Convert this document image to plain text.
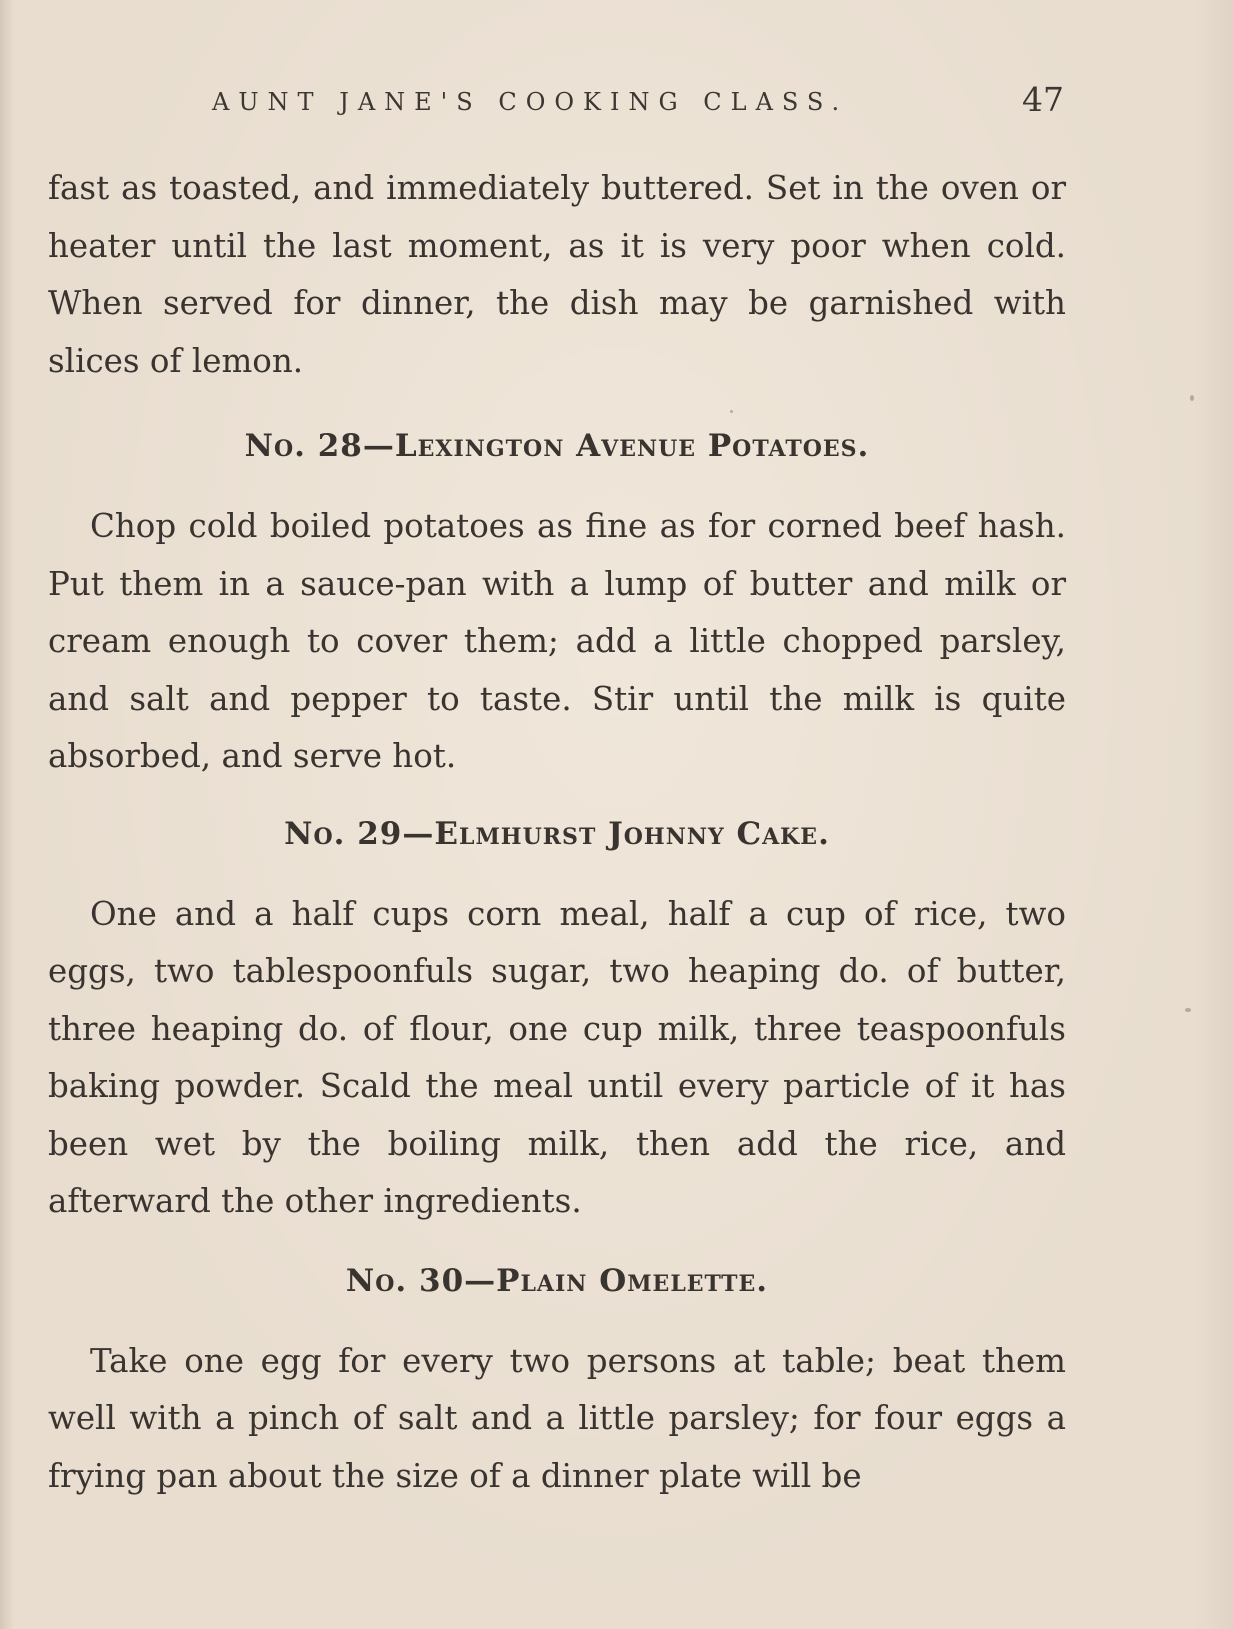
AUNT JANE'S COOKING CLASS.	47

fast as toasted, and immediately buttered. Set in the oven or heater until the last moment, as it is very poor when cold. When served for dinner, the dish may be garnished with slices of lemon.

No. 28—Lexington Avenue Potatoes.

Chop cold boiled potatoes as fine as for corned beef hash. Put them in a sauce-pan with a lump of butter and milk or cream enough to cover them; add a little chopped parsley, and salt and pepper to taste. Stir until the milk is quite absorbed, and serve hot.

No. 29—Elmhurst Johnny Cake.

One and a half cups corn meal, half a cup of rice, two eggs, two tablespoonfuls sugar, two heaping do. of butter, three heaping do. of flour, one cup milk, three teaspoonfuls baking powder. Scald the meal until every particle of it has been wet by the boiling milk, then add the rice, and afterward the other ingredients.

No. 30—Plain Omelette.

Take one egg for every two persons at table; beat them well with a pinch of salt and a little parsley; for four eggs a frying pan about the size of a dinner plate will be
